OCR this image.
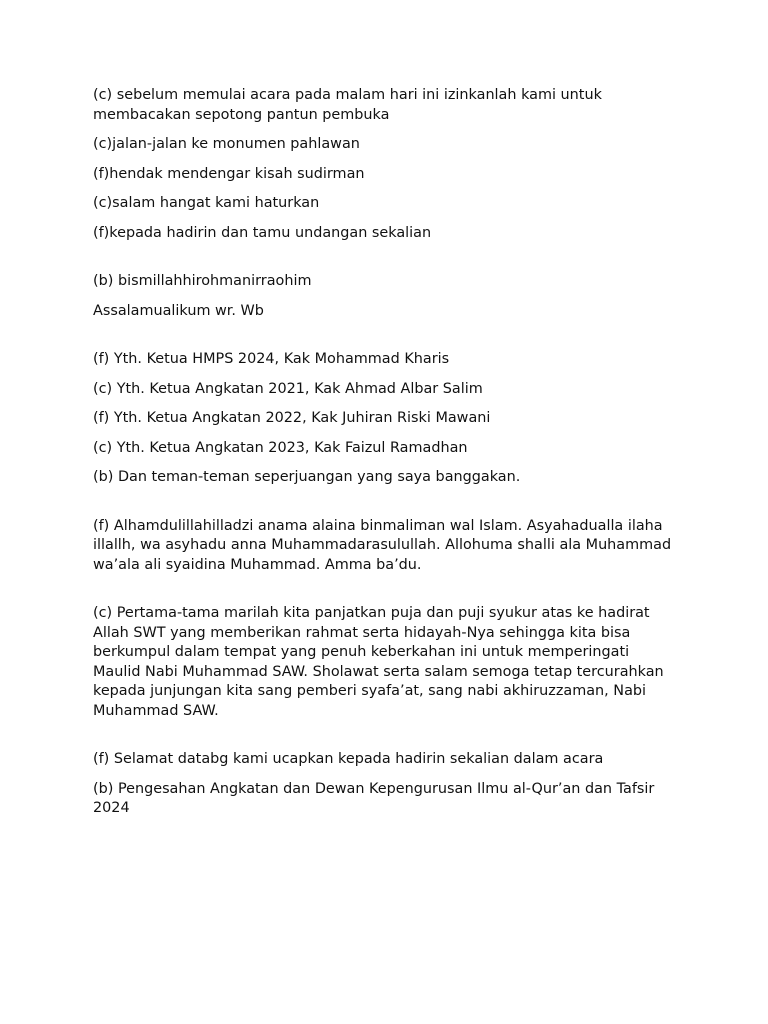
(c) sebelum memulai acara pada malam hari ini izinkanlah kami untuk membacakan sepotong pantun pembuka

(c)jalan-jalan ke monumen pahlawan

(f)hendak mendengar kisah sudirman

(c)salam hangat kami haturkan

(f)kepada hadirin dan tamu undangan sekalian

(b) bismillahhirohmanirraohim

Assalamualikum wr. Wb

(f) Yth. Ketua HMPS 2024, Kak Mohammad Kharis

(c) Yth. Ketua Angkatan 2021, Kak Ahmad Albar Salim

(f) Yth. Ketua Angkatan 2022, Kak Juhiran Riski Mawani

(c) Yth. Ketua Angkatan 2023, Kak Faizul Ramadhan

(b) Dan teman-teman seperjuangan yang saya banggakan.

(f) Alhamdulillahilladzi anama alaina binmaliman wal Islam. Asyahadualla ilaha illallh, wa asyhadu anna Muhammadarasulullah. Allohuma shalli ala Muhammad wa’ala ali syaidina Muhammad. Amma ba’du.

(c) Pertama-tama marilah kita panjatkan puja dan puji syukur atas ke hadirat Allah SWT yang memberikan rahmat serta hidayah-Nya sehingga kita bisa berkumpul dalam tempat yang penuh keberkahan ini untuk memperingati Maulid Nabi Muhammad SAW. Sholawat serta salam semoga tetap tercurahkan kepada junjungan kita sang pemberi syafa’at, sang nabi akhiruzzaman, Nabi Muhammad SAW.

(f) Selamat databg kami ucapkan kepada hadirin sekalian dalam acara

(b) Pengesahan Angkatan dan Dewan Kepengurusan Ilmu al-Qur’an dan Tafsir 2024
